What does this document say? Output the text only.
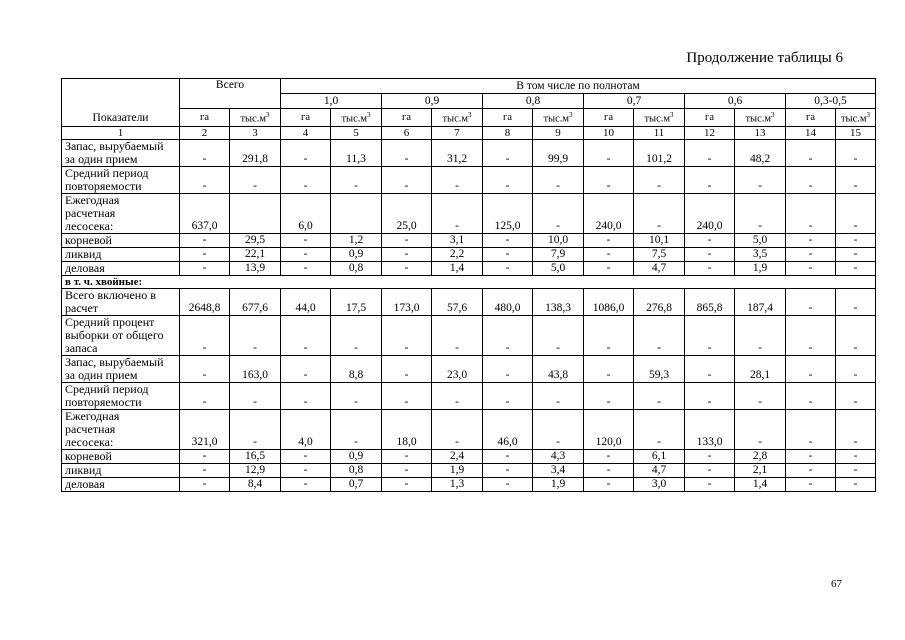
Продолжение таблицы 6
Показатели	Всего		В том числе по полнотам											
			1,0		0,9		0,8		0,7		0,6		0,3-0,5	
	га	$тыс.м^3$	га	$тыс.м^3$	га	$тыс.м^3$	га	$тыс.м^3$	га	$тыс.м^3$	га	$тыс.м^3$	га	$тыс.м^3$
1	2	3	4	5	6	7	8	9	10	11	12	13	14	15
Запас, вырубаемый
за один прием	-	291,8	-	11,3	-	31,2	-	99,9	-	101,2	-	48,2	-	-
Средний период
повторяемости	-	-	-	-	-	-	-	-	-	-	-	-	-	-
Ежегодная
расчетная
лесосека:	637,0		6,0		25,0	-	125,0	-	240,0	-	240,0	-	-	-
корневой	-	29,5	-	1,2	-	3,1	-	10,0	-	10,1	-	5,0	-	-
ликвид	-	22,1	-	0,9	-	2,2	-	7,9	-	7,5	-	3,5	-	-
деловая	-	13,9	-	0,8	-	1,4	-	5,0	-	4,7	-	1,9	-	-
в т. ч. хвойные:														
Всего включено в
расчет	2648,8	677,6	44,0	17,5	173,0	57,6	480,0	138,3	1086,0	276,8	865,8	187,4	-	-
Средний процент
выборки от общего
запаса	-	-	-	-	-	-	-	-	-	-	-	-	-	-
Запас, вырубаемый
за один прием	-	163,0	-	8,8	-	23,0	-	43,8	-	59,3	-	28,1	-	-
Средний период
повторяемости	-	-	-	-	-	-	-	-	-	-	-	-	-	-
Ежегодная
расчетная
лесосека:	321,0	-	4,0	-	18,0	-	46,0	-	120,0	-	133,0	-	-	-
корневой	-	16,5	-	0,9	-	2,4	-	4,3	-	6,1	-	2,8	-	-
ликвид	-	12,9	-	0,8	-	1,9	-	3,4	-	4,7	-	2,1	-	-
деловая	-	8,4	-	0,7	-	1,3	-	1,9	-	3,0	-	1,4	-	-
67
